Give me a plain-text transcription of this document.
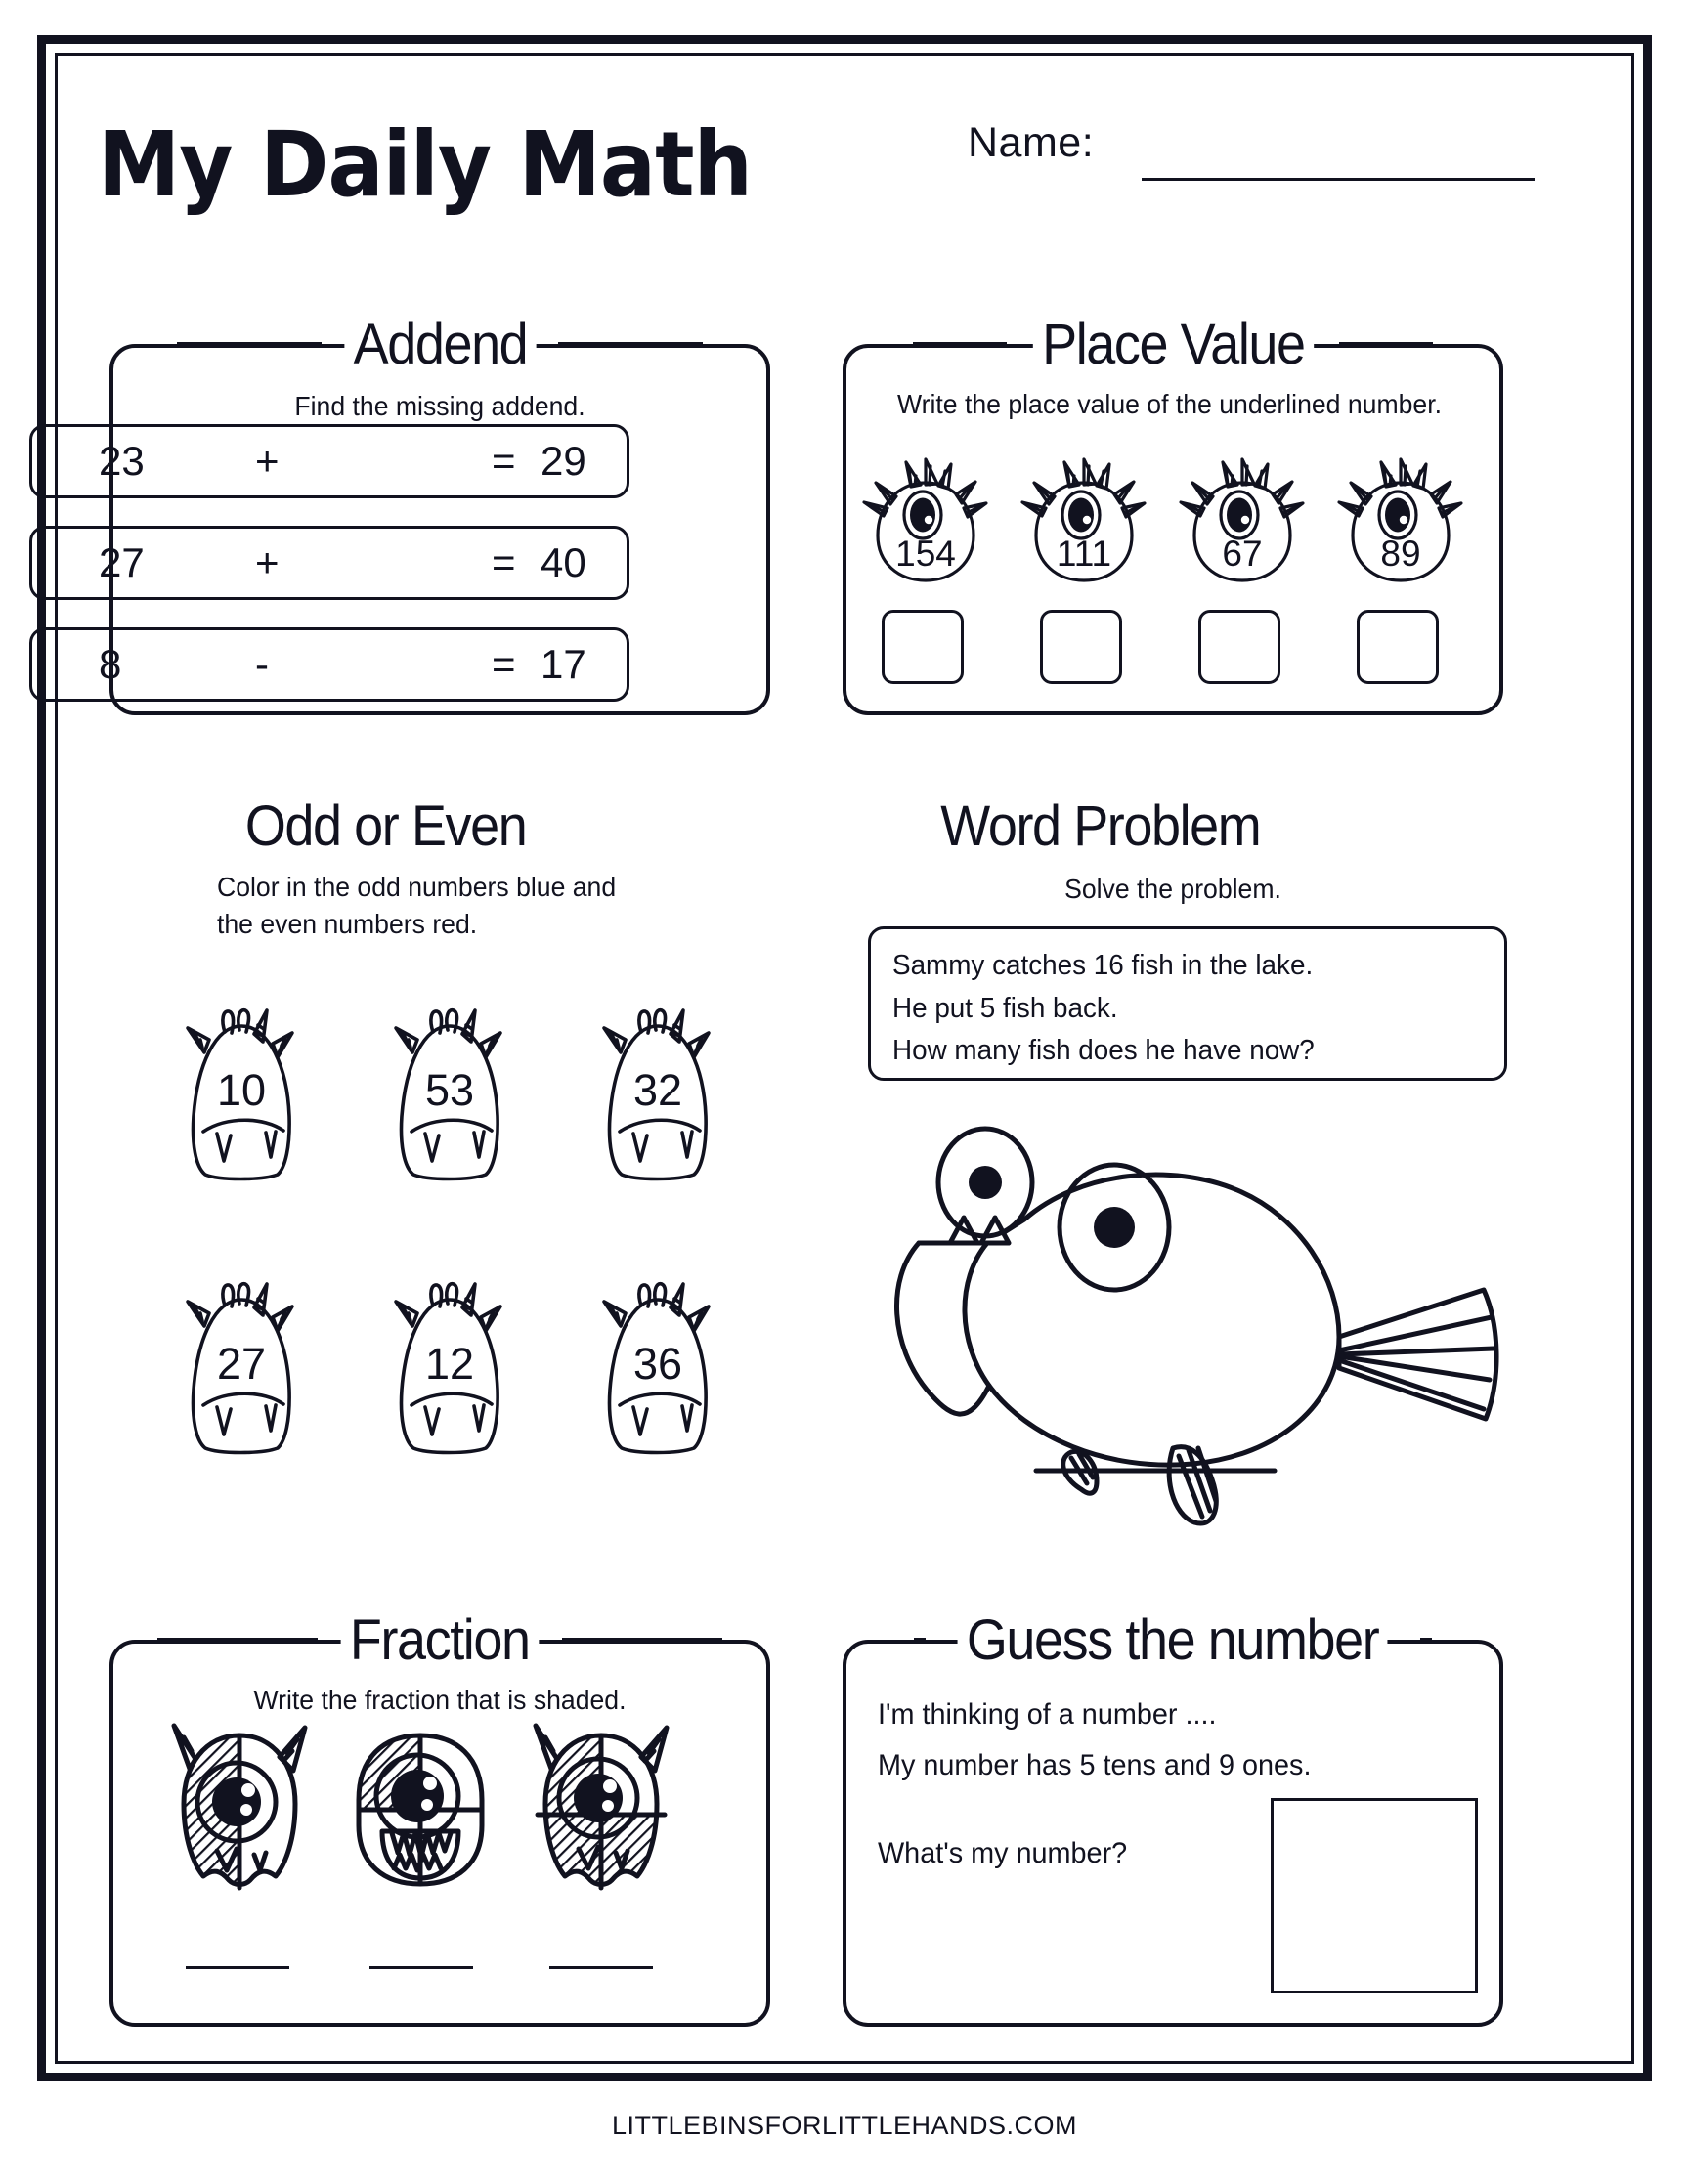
My Daily Math	Name:
Addend
Find the missing addend.
23	+	= 29
27	+	= 40
8	-	= 17
Place Value
Write the place value of the underlined number.
154	111	67	89
Odd or Even
Color in the odd numbers blue and
the even numbers red.
10	53	32
27	12	36
Word Problem
Solve the problem.
Sammy catches 16 fish in the lake.
He put 5 fish back.
How many fish does he have now?
Fraction
Write the fraction that is shaded.
Guess the number
I'm thinking of a number ....
My number has 5 tens and 9 ones.
What's my number?
LITTLEBINSFORLITTLEHANDS.COM
